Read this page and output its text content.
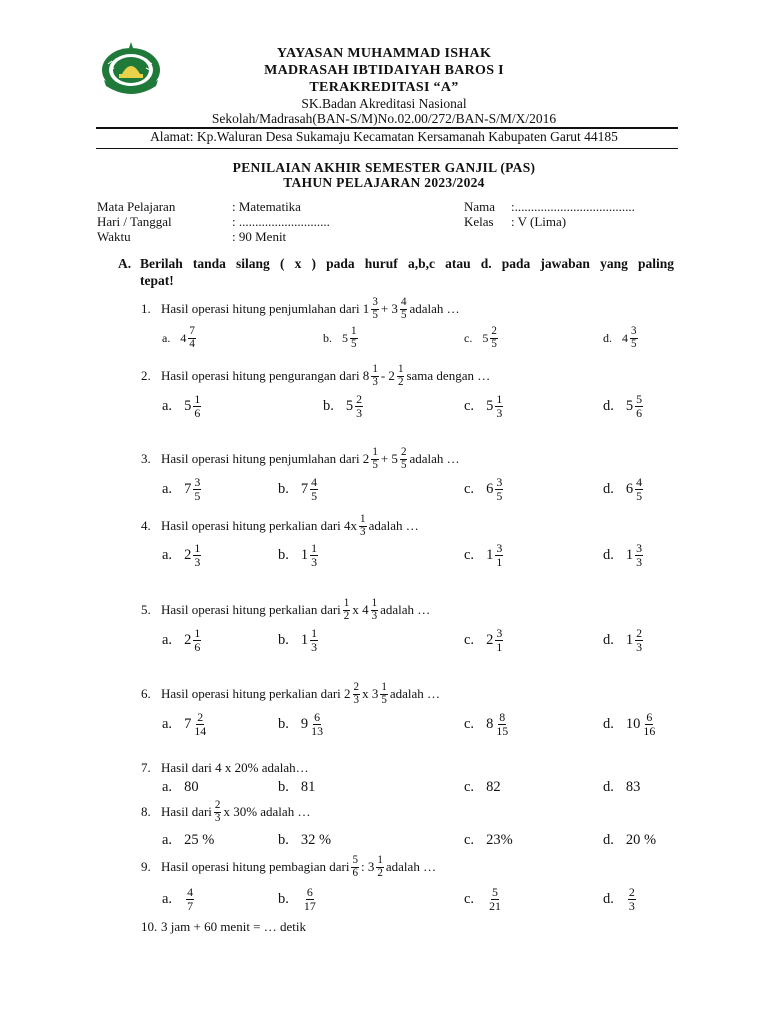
YAYASAN MUHAMMAD ISHAK
MADRASAH IBTIDAIYAH BAROS I
TERAKREDITASI “A”
SK.Badan Akreditasi Nasional
Sekolah/Madrasah(BAN-S/M)No.02.00/272/BAN-S/M/X/2016
Alamat: Kp.Waluran Desa Sukamaju Kecamatan Kersamanah Kabupaten Garut 44185
PENILAIAN AKHIR SEMESTER GANJIL (PAS)
TAHUN PELAJARAN 2023/2024
Mata Pelajaran	: Matematika
Hari / Tanggal	: ............................
Waktu	: 90 Menit
Nama :.....................................
Kelas : V (Lima)
A. Berilah tanda silang ( x ) pada huruf a,b,c atau d. pada jawaban yang paling
tepat!
1. Hasil operasi hitung penjumlahan dari $1 \frac{3}{5} + 3 \frac{4}{5}$ adalah …
a. $4 \frac{7}{4}$	b. $5 \frac{1}{5}$	c. $5 \frac{2}{5}$	d. $4 \frac{3}{5}$
2. Hasil operasi hitung pengurangan dari $8 \frac{1}{3} - 2 \frac{1}{2}$ sama dengan …
a. $5 \frac{1}{6}$	b. $5 \frac{2}{3}$	c. $5 \frac{1}{3}$	d. $5 \frac{5}{6}$
3. Hasil operasi hitung penjumlahan dari $2 \frac{1}{5} + 5 \frac{2}{5}$ adalah …
a. $7 \frac{3}{5}$	b. $7 \frac{4}{5}$	c. $6 \frac{3}{5}$	d. $6 \frac{4}{5}$
4. Hasil operasi hitung perkalian dari $4x \frac{1}{3}$ adalah …
a. $2 \frac{1}{3}$	b. $1 \frac{1}{3}$	c. $1 \frac{3}{1}$	d. $1 \frac{3}{3}$
5. Hasil operasi hitung perkalian dari $\frac{1}{2}$ x $4 \frac{1}{3}$ adalah …
a. $2 \frac{1}{6}$	b. $1 \frac{1}{3}$	c. $2 \frac{3}{1}$	d. $1 \frac{2}{3}$
6. Hasil operasi hitung perkalian dari $2 \frac{2}{3}$ x $3 \frac{1}{5}$ adalah …
a. $7 \frac{2}{14}$	b. $9 \frac{6}{13}$	c. $8 \frac{8}{15}$	d. $10 \frac{6}{16}$
7. Hasil dari 4 x 20% adalah…
a. 80	b. 81	c. 82	d. 83
8. Hasil dari $\frac{2}{3}$ x 30% adalah …
a. 25 %	b. 32 %	c. 23%	d. 20 %
9. Hasil operasi hitung pembagian dari $\frac{5}{6}$ : $3 \frac{1}{2}$ adalah …
a. $\frac{4}{7}$	b. $\frac{6}{17}$	c. $\frac{5}{21}$	d. $\frac{2}{3}$
10. 3 jam + 60 menit = … detik
